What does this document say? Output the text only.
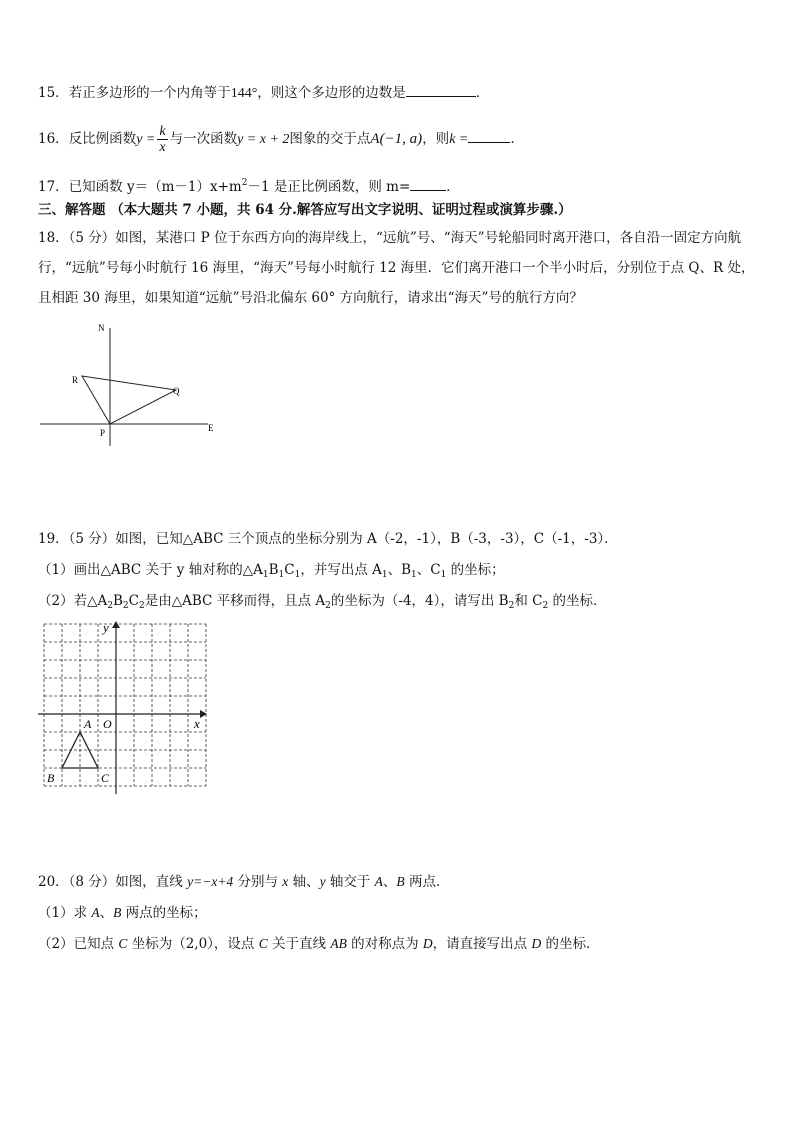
15．若正多边形的一个内角等于144°，则这个多边形的边数是	．
16．反比例函数$y = \frac{k}{x}$ 与一次函数y = x + 2图象的交于点A(−1, a)，则k =	.
17．已知函数 $y=(m-1)x+m^2-1$ 是正比例函数，则 m=	．
三、解答题 （本大题共 7 小题，共 64 分.解答应写出文字说明、证明过程或演算步骤.）
18．（5 分）如图，某港口 P 位于东西方向的海岸线上，“远航”号、“海天”号轮船同时离开港口，各自沿一固定方向航
行，“远航”号每小时航行 16 海里，“海天”号每小时航行 12 海里．它们离开港口一个半小时后，分别位于点 Q、R 处，
且相距 30 海里，如果知道“远航”号沿北偏东 60° 方向航行，请求出“海天”号的航行方向？
N
R
Q
P	E
19．（5 分）如图，已知△ABC 三个顶点的坐标分别为 A（-2，-1），B（-3，-3），C（-1，-3）．
（1）画出△ABC 关于 y 轴对称的$\triangle A_1B_1C_1$，并写出点 $A_1$、$B_1$、$C_1$ 的坐标；
（2）若$\triangle A_2B_2C_2$是由△ABC 平移而得，且点 $A_2$的坐标为（-4，4），请写出 $B_2$和 $C_2$ 的坐标．
y
x
O
A
B	C
20．（8 分）如图，直线 y=−x+4 分别与 x 轴、y 轴交于 A、B 两点．
（1）求 A、B 两点的坐标；
（2）已知点 C 坐标为（2,0），设点 C 关于直线 AB 的对称点为 D，请直接写出点 D 的坐标．
